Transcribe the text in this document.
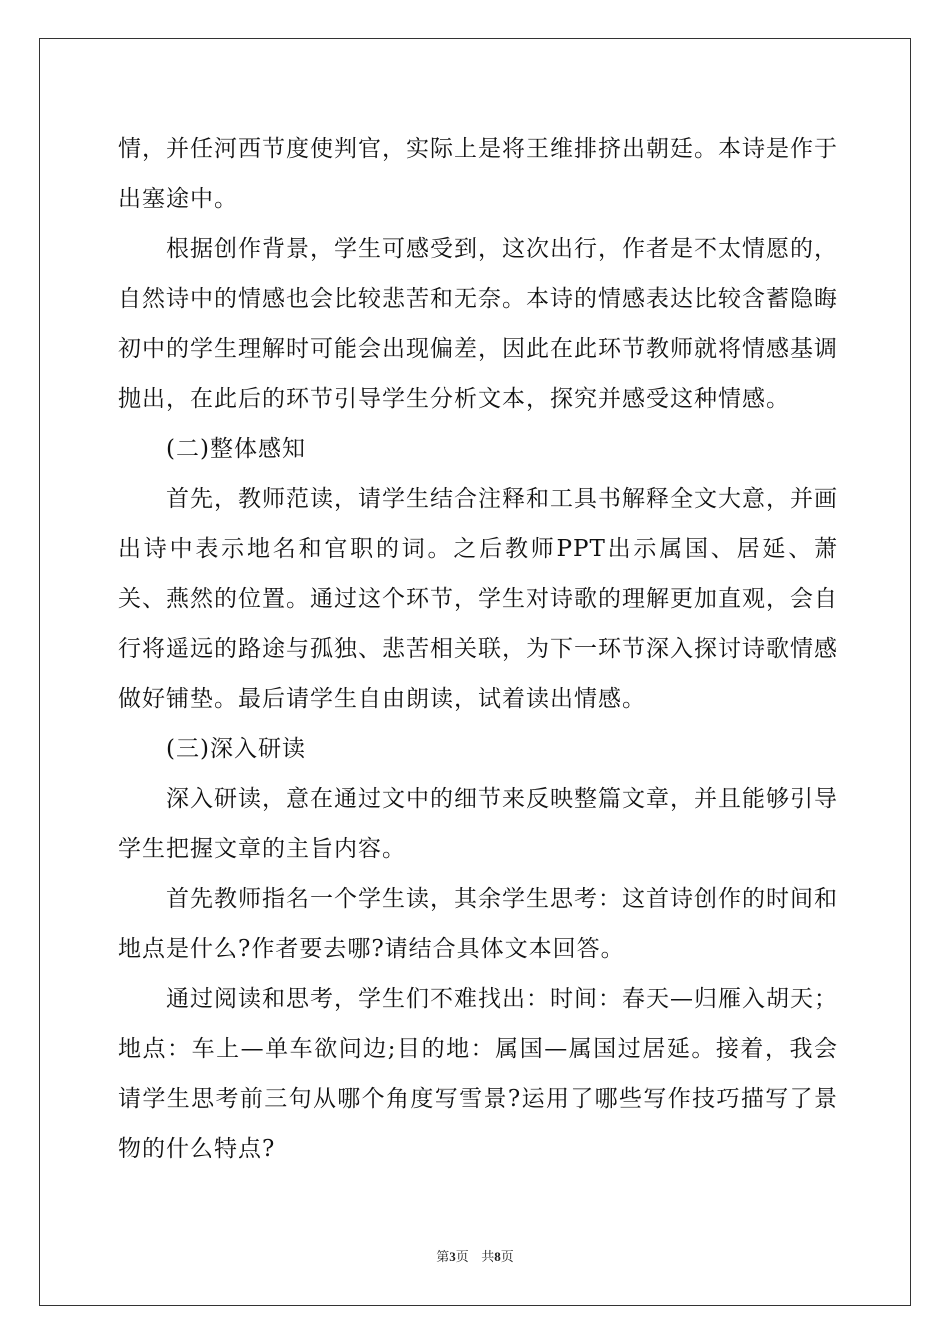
情，并任河西节度使判官，实际上是将王维排挤出朝廷。本诗是作于出塞途中。

根据创作背景，学生可感受到，这次出行，作者是不太情愿的，自然诗中的情感也会比较悲苦和无奈。本诗的情感表达比较含蓄隐晦初中的学生理解时可能会出现偏差，因此在此环节教师就将情感基调抛出，在此后的环节引导学生分析文本，探究并感受这种情感。

(二)整体感知

首先，教师范读，请学生结合注释和工具书解释全文大意，并画出诗中表示地名和官职的词。之后教师PPT出示属国、居延、萧关、燕然的位置。通过这个环节，学生对诗歌的理解更加直观，会自行将遥远的路途与孤独、悲苦相关联，为下一环节深入探讨诗歌情感做好铺垫。最后请学生自由朗读，试着读出情感。

(三)深入研读

深入研读，意在通过文中的细节来反映整篇文章，并且能够引导学生把握文章的主旨内容。

首先教师指名一个学生读，其余学生思考：这首诗创作的时间和地点是什么?作者要去哪?请结合具体文本回答。

通过阅读和思考，学生们不难找出：时间：春天—归雁入胡天；地点：车上—单车欲问边;目的地：属国—属国过居延。接着，我会请学生思考前三句从哪个角度写雪景?运用了哪些写作技巧描写了景物的什么特点?

第3页   共8页
